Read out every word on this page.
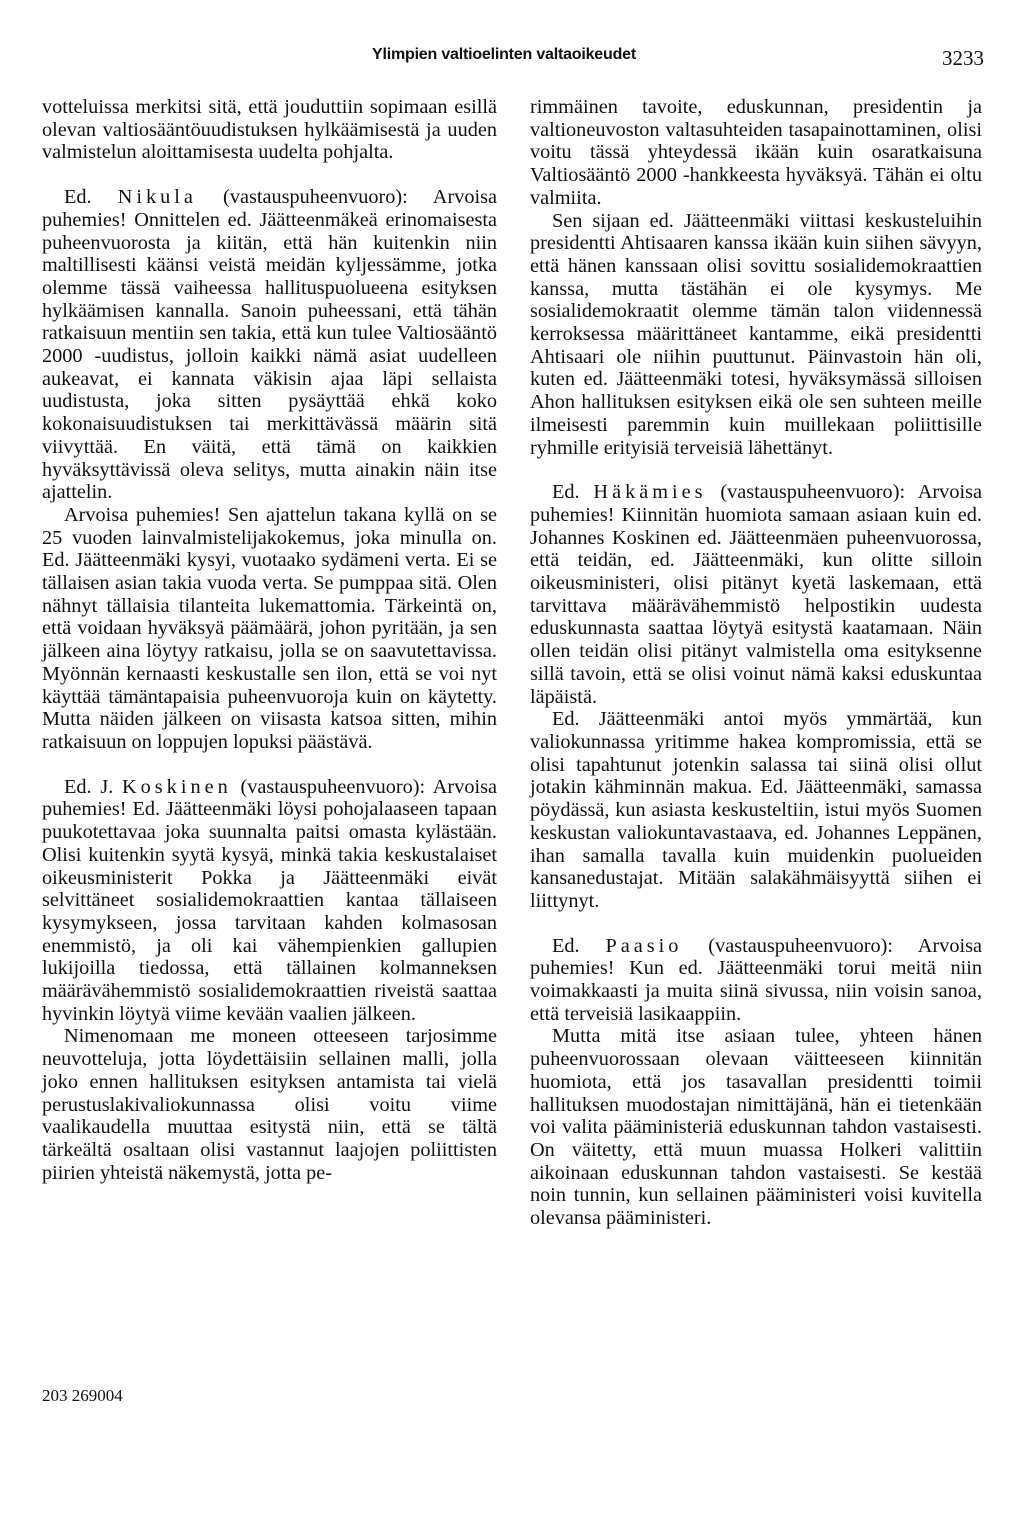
Ylimpien valtioelinten valtaoikeudet	3233

votteluissa merkitsi sitä, että jouduttiin sopimaan esillä olevan valtiosääntöuudistuksen hylkäämisestä ja uuden valmistelun aloittamisesta uudelta pohjalta.

Ed. Nikula (vastauspuheenvuoro): Arvoisa puhemies! Onnittelen ed. Jäätteenmäkeä erinomaisesta puheenvuorosta ja kiitän, että hän kuitenkin niin maltillisesti käänsi veistä meidän kyljessämme, jotka olemme tässä vaiheessa hallituspuolueena esityksen hylkäämisen kannalla. Sanoin puheessani, että tähän ratkaisuun mentiin sen takia, että kun tulee Valtiosääntö 2000 -uudistus, jolloin kaikki nämä asiat uudelleen aukeavat, ei kannata väkisin ajaa läpi sellaista uudistusta, joka sitten pysäyttää ehkä koko kokonaisuudistuksen tai merkittävässä määrin sitä viivyttää. En väitä, että tämä on kaikkien hyväksyttävissä oleva selitys, mutta ainakin näin itse ajattelin.

Arvoisa puhemies! Sen ajattelun takana kyllä on se 25 vuoden lainvalmistelijakokemus, joka minulla on. Ed. Jäätteenmäki kysyi, vuotaako sydämeni verta. Ei se tällaisen asian takia vuoda verta. Se pumppaa sitä. Olen nähnyt tällaisia tilanteita lukemattomia. Tärkeintä on, että voidaan hyväksyä päämäärä, johon pyritään, ja sen jälkeen aina löytyy ratkaisu, jolla se on saavutettavissa. Myönnän kernaasti keskustalle sen ilon, että se voi nyt käyttää tämäntapaisia puheenvuoroja kuin on käytetty. Mutta näiden jälkeen on viisasta katsoa sitten, mihin ratkaisuun on loppujen lopuksi päästävä.

Ed. J. Koskinen (vastauspuheenvuoro): Arvoisa puhemies! Ed. Jäätteenmäki löysi pohojalaaseen tapaan puukotettavaa joka suunnalta paitsi omasta kylästään. Olisi kuitenkin syytä kysyä, minkä takia keskustalaiset oikeusministerit Pokka ja Jäätteenmäki eivät selvittäneet sosialidemokraattien kantaa tällaiseen kysymykseen, jossa tarvitaan kahden kolmasosan enemmistö, ja oli kai vähempienkien gallupien lukijoilla tiedossa, että tällainen kolmanneksen määrävähemmistö sosialidemokraattien riveistä saattaa hyvinkin löytyä viime kevään vaalien jälkeen.

Nimenomaan me moneen otteeseen tarjosimme neuvotteluja, jotta löydettäisiin sellainen malli, jolla joko ennen hallituksen esityksen antamista tai vielä perustuslakivaliokunnassa olisi voitu viime vaalikaudella muuttaa esitystä niin, että se tältä tärkeältä osaltaan olisi vastannut laajojen poliittisten piirien yhteistä näkemystä, jotta pe-

rimmäinen tavoite, eduskunnan, presidentin ja valtioneuvoston valtasuhteiden tasapainottaminen, olisi voitu tässä yhteydessä ikään kuin osaratkaisuna Valtiosääntö 2000 -hankkeesta hyväksyä. Tähän ei oltu valmiita.

Sen sijaan ed. Jäätteenmäki viittasi keskusteluihin presidentti Ahtisaaren kanssa ikään kuin siihen sävyyn, että hänen kanssaan olisi sovittu sosialidemokraattien kanssa, mutta tästähän ei ole kysymys. Me sosialidemokraatit olemme tämän talon viidennessä kerroksessa määrittäneet kantamme, eikä presidentti Ahtisaari ole niihin puuttunut. Päinvastoin hän oli, kuten ed. Jäätteenmäki totesi, hyväksymässä silloisen Ahon hallituksen esityksen eikä ole sen suhteen meille ilmeisesti paremmin kuin muillekaan poliittisille ryhmille erityisiä terveisiä lähettänyt.

Ed. Häkämies (vastauspuheenvuoro): Arvoisa puhemies! Kiinnitän huomiota samaan asiaan kuin ed. Johannes Koskinen ed. Jäätteenmäen puheenvuorossa, että teidän, ed. Jäätteenmäki, kun olitte silloin oikeusministeri, olisi pitänyt kyetä laskemaan, että tarvittava määrävähemmistö helpostikin uudesta eduskunnasta saattaa löytyä esitystä kaatamaan. Näin ollen teidän olisi pitänyt valmistella oma esityksenne sillä tavoin, että se olisi voinut nämä kaksi eduskuntaa läpäistä.

Ed. Jäätteenmäki antoi myös ymmärtää, kun valiokunnassa yritimme hakea kompromissia, että se olisi tapahtunut jotenkin salassa tai siinä olisi ollut jotakin kähminnän makua. Ed. Jäätteenmäki, samassa pöydässä, kun asiasta keskusteltiin, istui myös Suomen keskustan valiokuntavastaava, ed. Johannes Leppänen, ihan samalla tavalla kuin muidenkin puolueiden kansanedustajat. Mitään salakähmäisyyttä siihen ei liittynyt.

Ed. Paasio (vastauspuheenvuoro): Arvoisa puhemies! Kun ed. Jäätteenmäki torui meitä niin voimakkaasti ja muita siinä sivussa, niin voisin sanoa, että terveisiä lasikaappiin.

Mutta mitä itse asiaan tulee, yhteen hänen puheenvuorossaan olevaan väitteeseen kiinnitän huomiota, että jos tasavallan presidentti toimii hallituksen muodostajan nimittäjänä, hän ei tietenkään voi valita pääministeriä eduskunnan tahdon vastaisesti. On väitetty, että muun muassa Holkeri valittiin aikoinaan eduskunnan tahdon vastaisesti. Se kestää noin tunnin, kun sellainen pääministeri voisi kuvitella olevansa pääministeri.

203 269004
